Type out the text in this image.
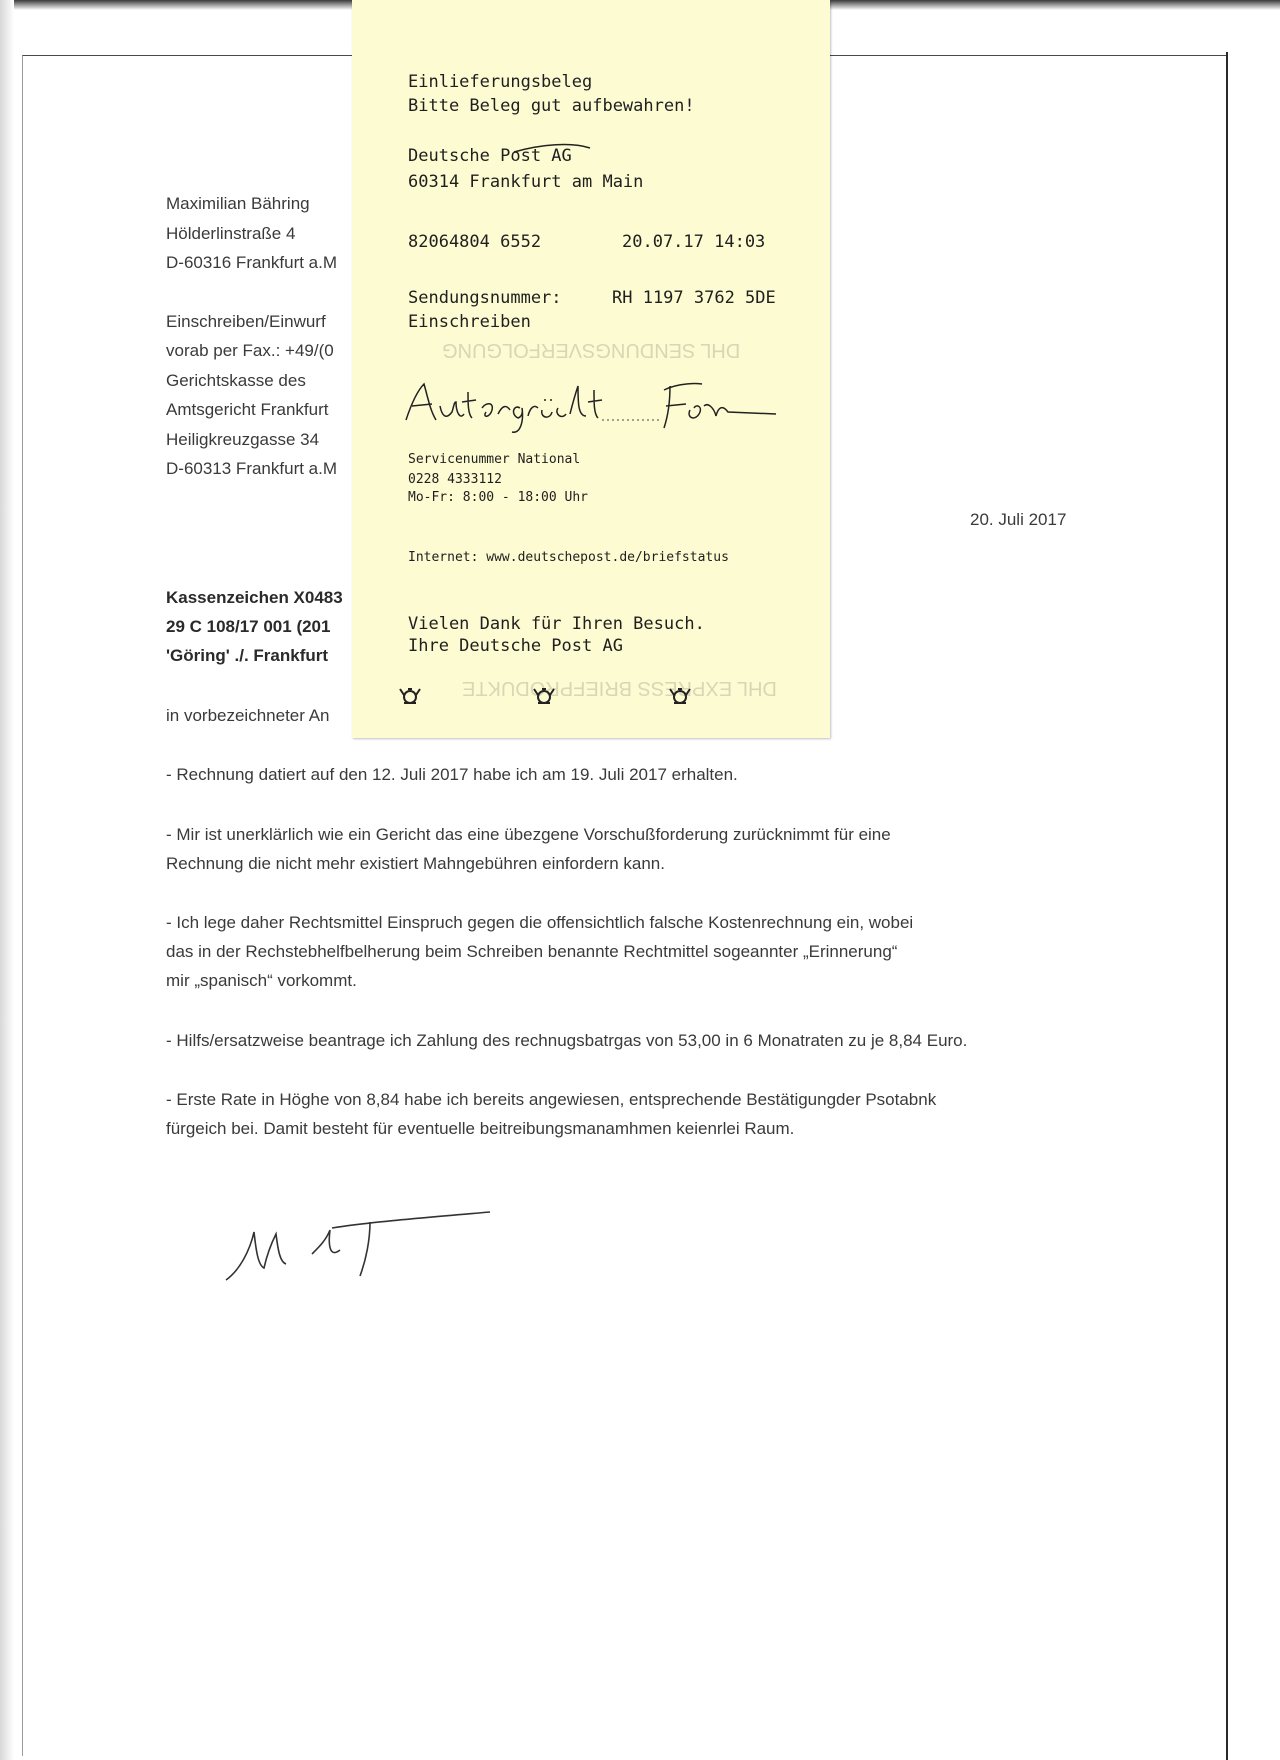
Maximilian Bähring
Hölderlinstraße 4
D-60316 Frankfurt a.M
Einschreiben/Einwurf
vorab per Fax.: +49/(0
Gerichtskasse des
Amtsgericht Frankfurt
Heiligkreuzgasse 34
D-60313 Frankfurt a.M
20. Juli 2017
Kassenzeichen X0483
29 C 108/17 001 (201
'Göring' ./. Frankfurt
in vorbezeichneter An
- Rechnung datiert auf den 12. Juli 2017 habe ich am 19. Juli 2017 erhalten.
- Mir ist unerklärlich wie ein Gericht das eine übezgene Vorschußforderung zurücknimmt für eine
Rechnung die nicht mehr existiert Mahngebühren einfordern kann.
- Ich lege daher Rechtsmittel Einspruch gegen die offensichtlich falsche Kostenrechnung ein, wobei
das in der Rechstebhelfbelherung beim Schreiben benannte Rechtmittel sogeannter „Erinnerung“
mir „spanisch“ vorkommt.
- Hilfs/ersatzweise beantrage ich Zahlung des rechnugsbatrgas von 53,00 in 6 Monatraten zu je 8,84 Euro.
- Erste Rate in Höghe von 8,84 habe ich bereits angewiesen, entsprechende Bestätigungder Psotabnk
fürgeich bei. Damit besteht für eventuelle beitreibungsmanamhmen keienrlei Raum.
DHL SENDUNGSVERFOLGUNG
DHL EXPRESS BRIEFPRODUKTE
Einlieferungsbeleg
Bitte Beleg gut aufbewahren!
Deutsche Post AG
60314 Frankfurt am Main
82064804 6552	20.07.17 14:03
Sendungsnummer:	RH 1197 3762 5DE
Einschreiben
Servicenummer National
0228 4333112
Mo-Fr: 8:00 - 18:00 Uhr
Internet: www.deutschepost.de/briefstatus
Vielen Dank für Ihren Besuch.
Ihre Deutsche Post AG
